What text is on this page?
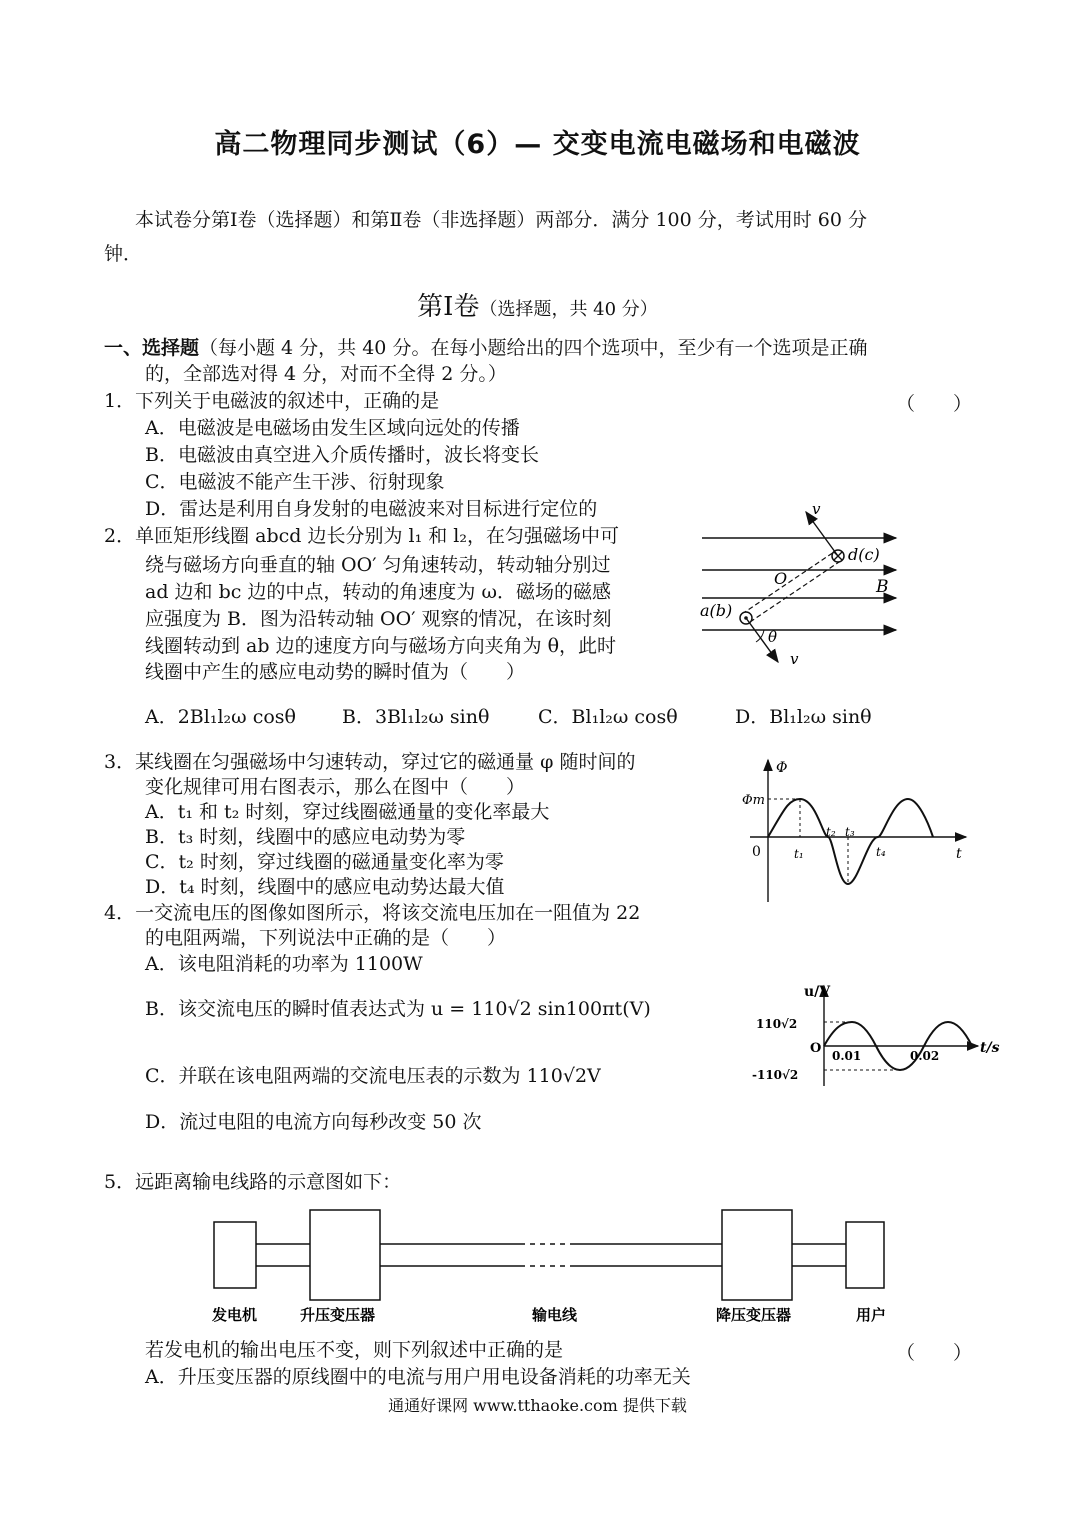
高二物理同步测试（6）— 交变电流电磁场和电磁波
本试卷分第Ⅰ卷（选择题）和第Ⅱ卷（非选择题）两部分．满分 100 分，考试用时 60 分
钟．
第Ⅰ卷（选择题，共 40 分）
一、选择题（每小题 4 分，共 40 分。在每小题给出的四个选项中，至少有一个选项是正确
的，全部选对得 4 分，对而不全得 2 分。）
1．下列关于电磁波的叙述中，正确的是	（　　）
A．电磁波是电磁场由发生区域向远处的传播
B．电磁波由真空进入介质传播时，波长将变长
C．电磁波不能产生干涉、衍射现象
D．雷达是利用自身发射的电磁波来对目标进行定位的
2．单匝矩形线圈 abcd 边长分别为 l₁ 和 l₂，在匀强磁场中可
绕与磁场方向垂直的轴 OO′ 匀角速转动，转动轴分别过
ad 边和 bc 边的中点，转动的角速度为 ω．磁场的磁感
应强度为 B．图为沿转动轴 OO′ 观察的情况，在该时刻
线圈转动到 ab 边的速度方向与磁场方向夹角为 θ，此时
线圈中产生的感应电动势的瞬时值为（　　）
A．2Bl₁l₂ω cosθ B．3Bl₁l₂ω sinθ	C．Bl₁l₂ω cosθ	D．Bl₁l₂ω sinθ
v
d(c)
O	B
a(b)
θ
v
3．某线圈在匀强磁场中匀速转动，穿过它的磁通量 φ 随时间的
变化规律可用右图表示，那么在图中（　　）
A．t₁ 和 t₂ 时刻，穿过线圈磁通量的变化率最大
B．t₃ 时刻，线圈中的感应电动势为零
C．t₂ 时刻，穿过线圈的磁通量变化率为零
D．t₄ 时刻，线圈中的感应电动势达最大值
Φ
Φm
0	t₁
t₂ t₃
t₄	t
4．一交流电压的图像如图所示，将该交流电压加在一阻值为 22
的电阻两端，下列说法中正确的是（　　）
A．该电阻消耗的功率为 1100W
B．该交流电压的瞬时值表达式为 u = 110√2 sin100πt(V)
C．并联在该电阻两端的交流电压表的示数为 110√2V
D．流过电阻的电流方向每秒改变 50 次
u/V
110√2
O
-110√2
0.01	0.02	t/s
5．远距离输电线路的示意图如下：
发电机	升压变压器	输电线	降压变压器	用户
若发电机的输出电压不变，则下列叙述中正确的是	（　　）
A．升压变压器的原线圈中的电流与用户用电设备消耗的功率无关
通通好课网 www.tthaoke.com 提供下载
